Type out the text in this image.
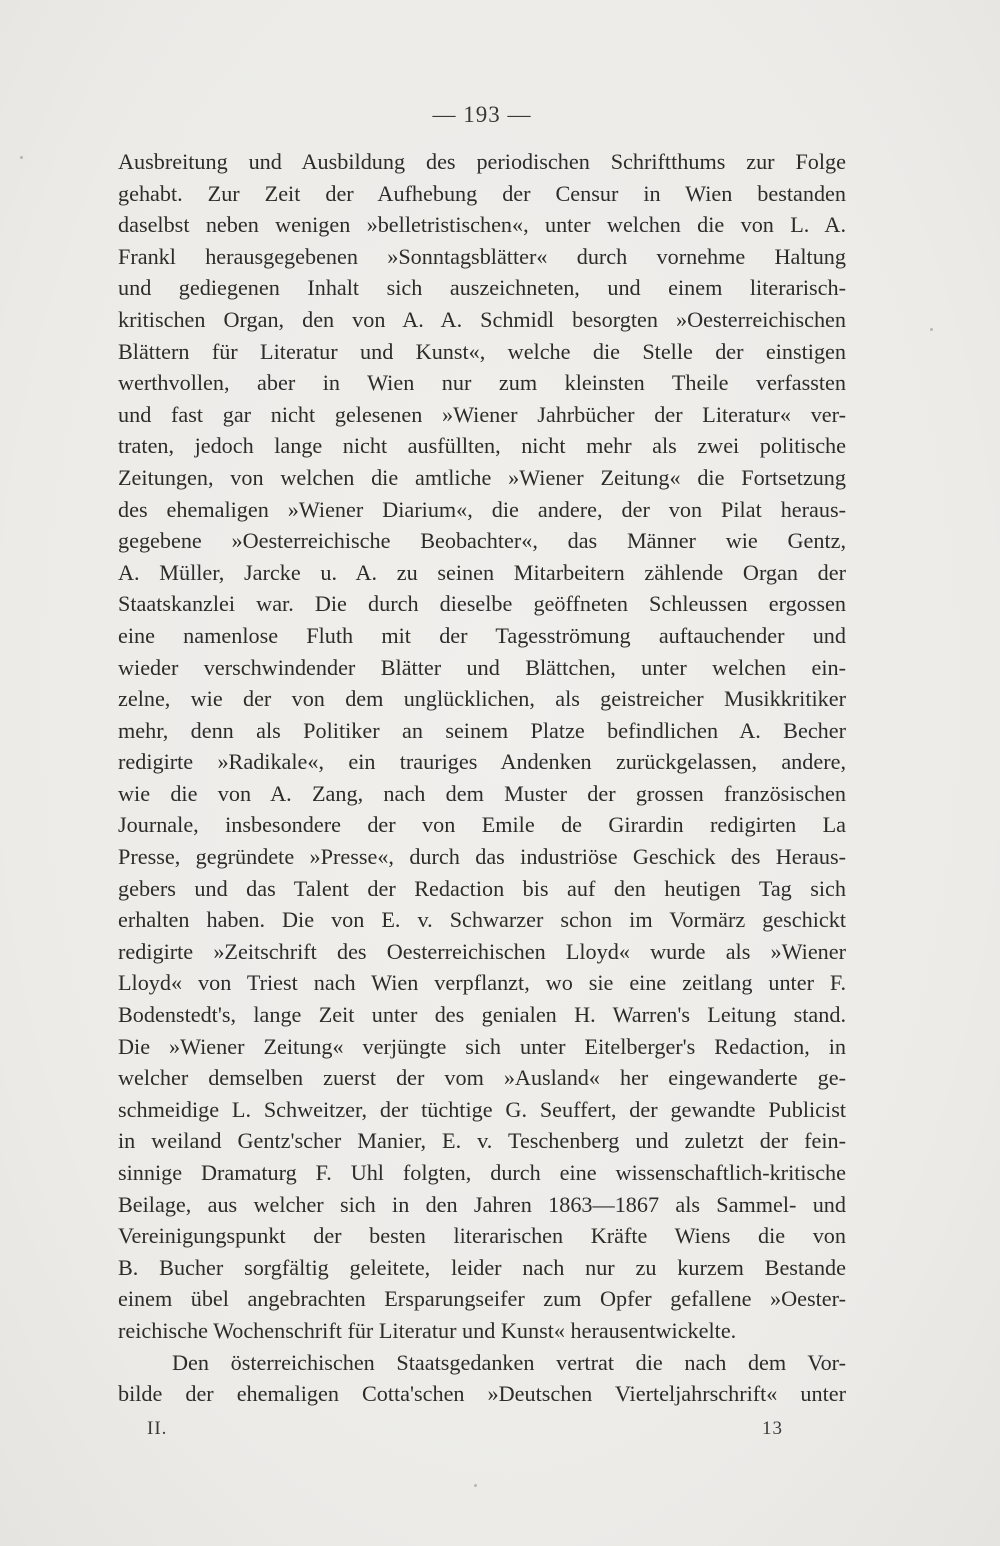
— 193 —
Ausbreitung und Ausbildung des periodischen Schriftthums zur Folge
gehabt. Zur Zeit der Aufhebung der Censur in Wien bestanden
daselbst neben wenigen »belletristischen«, unter welchen die von L. A.
Frankl herausgegebenen »Sonntagsblätter« durch vornehme Haltung
und gediegenen Inhalt sich auszeichneten, und einem literarisch-
kritischen Organ, den von A. A. Schmidl besorgten »Oesterreichischen
Blättern für Literatur und Kunst«, welche die Stelle der einstigen
werthvollen, aber in Wien nur zum kleinsten Theile verfassten
und fast gar nicht gelesenen »Wiener Jahrbücher der Literatur« ver-
traten, jedoch lange nicht ausfüllten, nicht mehr als zwei politische
Zeitungen, von welchen die amtliche »Wiener Zeitung« die Fortsetzung
des ehemaligen »Wiener Diarium«, die andere, der von Pilat heraus-
gegebene »Oesterreichische Beobachter«, das Männer wie Gentz,
A. Müller, Jarcke u. A. zu seinen Mitarbeitern zählende Organ der
Staatskanzlei war. Die durch dieselbe geöffneten Schleussen ergossen
eine namenlose Fluth mit der Tagesströmung auftauchender und
wieder verschwindender Blätter und Blättchen, unter welchen ein-
zelne, wie der von dem unglücklichen, als geistreicher Musikkritiker
mehr, denn als Politiker an seinem Platze befindlichen A. Becher
redigirte »Radikale«, ein trauriges Andenken zurückgelassen, andere,
wie die von A. Zang, nach dem Muster der grossen französischen
Journale, insbesondere der von Emile de Girardin redigirten La
Presse, gegründete »Presse«, durch das industriöse Geschick des Heraus-
gebers und das Talent der Redaction bis auf den heutigen Tag sich
erhalten haben. Die von E. v. Schwarzer schon im Vormärz geschickt
redigirte »Zeitschrift des Oesterreichischen Lloyd« wurde als »Wiener
Lloyd« von Triest nach Wien verpflanzt, wo sie eine zeitlang unter F.
Bodenstedt's, lange Zeit unter des genialen H. Warren's Leitung stand.
Die »Wiener Zeitung« verjüngte sich unter Eitelberger's Redaction, in
welcher demselben zuerst der vom »Ausland« her eingewanderte ge-
schmeidige L. Schweitzer, der tüchtige G. Seuffert, der gewandte Publicist
in weiland Gentz'scher Manier, E. v. Teschenberg und zuletzt der fein-
sinnige Dramaturg F. Uhl folgten, durch eine wissenschaftlich-kritische
Beilage, aus welcher sich in den Jahren 1863—1867 als Sammel- und
Vereinigungspunkt der besten literarischen Kräfte Wiens die von
B. Bucher sorgfältig geleitete, leider nach nur zu kurzem Bestande
einem übel angebrachten Ersparungseifer zum Opfer gefallene »Oester-
reichische Wochenschrift für Literatur und Kunst« herausentwickelte.
Den österreichischen Staatsgedanken vertrat die nach dem Vor-
bilde der ehemaligen Cotta'schen »Deutschen Vierteljahrschrift« unter
II.	13
